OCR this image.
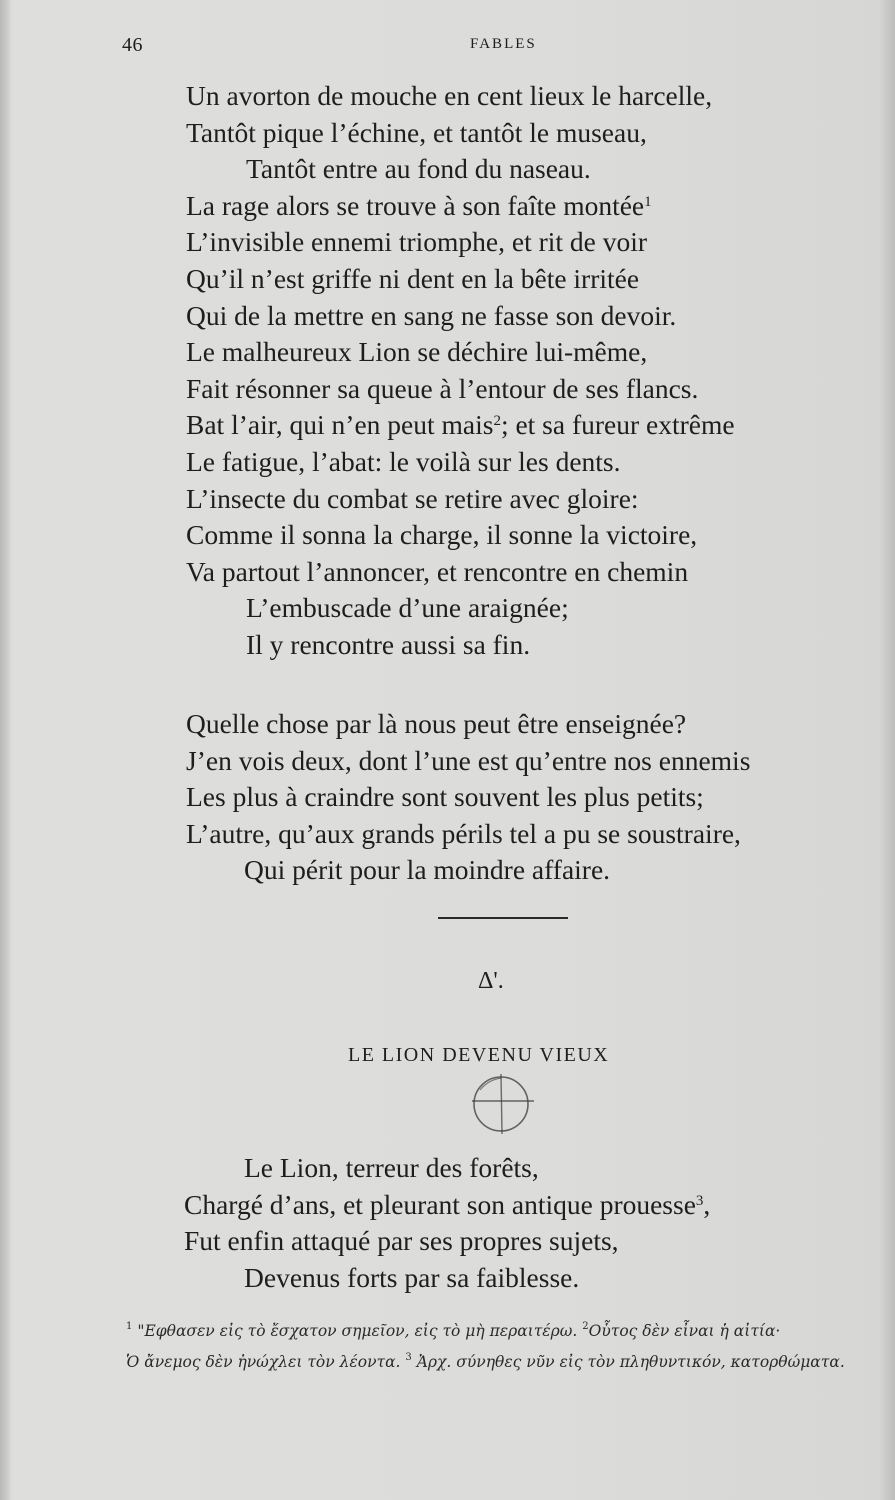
46	FABLES
Un avorton de mouche en cent lieux le harcelle,
Tantôt pique l’échine, et tantôt le museau,
Tantôt entre au fond du naseau.
La rage alors se trouve à son faîte montée$^1$
L’invisible ennemi triomphe, et rit de voir
Qu’il n’est griffe ni dent en la bête irritée
Qui de la mettre en sang ne fasse son devoir.
Le malheureux Lion se déchire lui-même,
Fait résonner sa queue à l’entour de ses flancs.
Bat l’air, qui n’en peut mais$^2$; et sa fureur extrême
Le fatigue, l’abat: le voilà sur les dents.
L’insecte du combat se retire avec gloire:
Comme il sonna la charge, il sonne la victoire,
Va partout l’annoncer, et rencontre en chemin
L’embuscade d’une araignée;
Il y rencontre aussi sa fin.
Quelle chose par là nous peut être enseignée?
J’en vois deux, dont l’une est qu’entre nos ennemis
Les plus à craindre sont souvent les plus petits;
L’autre, qu’aux grands périls tel a pu se soustraire,
Qui périt pour la moindre affaire.
Δ'.
LE LION DEVENU VIEUX
Le Lion, terreur des forêts,
Chargé d’ans, et pleurant son antique prouesse$^3$,
Fut enfin attaqué par ses propres sujets,
Devenus forts par sa faiblesse.
$^1$ "Εφθασεν εἰς τὸ ἔσχατον σημεῖον, εἰς τὸ μὴ περαιτέρω. $^2$Οὗτος δὲν εἶναι ἡ αἰτία·
Ὁ ἄνεμος δὲν ἠνώχλει τὸν λέοντα. $^3$ Ἀρχ. σύνηθες νῦν εἰς τὸν πληθυντικόν, κατορθώματα.
